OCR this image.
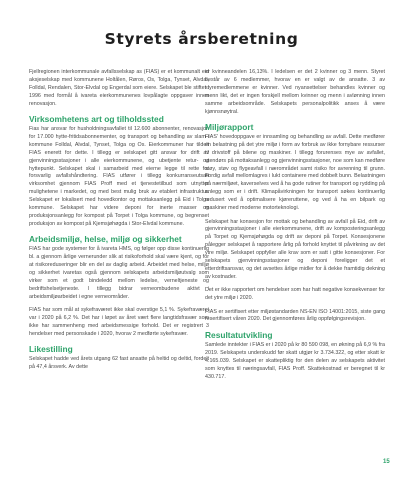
Styrets årsberetning

Fjellregionen interkommunale avfallsselskap as (FIAS) er et kommunalt eid aksjeselskap med kommunene Holtålen, Røros, Os, Tolga, Tynset, Alvdal, Folldal, Rendalen, Stor-Elvdal og Engerdal som eiere. Selskapet ble stiftet i 1996 med formål å ivareta eierkommunenes lovpålagte oppgaver innen renovasjon.

Virksomhetens art og tilholdssted

Fias har ansvar for husholdningsavfallet til 12.600 abonnenter, renovasjon for 17.000 hytte-fritidsabonnementer, og transport og behandling av slam i kommune Folldal, Alvdal, Tynset, Tolga og Os. Eierkommuner har tildelt FIAS enerett for dette. I tillegg er selskapet gitt ansvar for drift av gjenvinningsstasjoner i alle eierkommunene, og ubetjente retur- og hyttepunkt. Selskapet skal i samarbeid med eierne legge til rette for forsvarlig avfallshåndtering. FIAS utfører i tillegg konkurranseutsatt virksomhet gjennom FIAS Proff med et tjenestetilbud som utnytter mulighetene i markedet, og med best mulig bruk av etablert infrastruktur. Selskapet er lokalisert med hovedkontor og mottaksanlegg på Eid i Tolga kommune. Selskapet har videre deponi for inerte masser og produksjonsanlegg for kompost på Torpet i Tolga kommune, og begrenset produksjon av kompost på Kjemsjøhøgda i Stor-Elvdal kommune.

Arbeidsmiljø, helse, miljø og sikkerhet

FIAS har gode systemer for å ivareta HMS, og følger opp disse kontinuerlig bl. a gjennom årlige vernerunder slik at risikoforhold skal være kjent, og for at risikoreduseringer blir en del av daglig arbeid. Arbeidet med helse, miljø og sikkerhet ivaretas også gjennom selskapets arbeidsmiljøutvalg som virker som et godt bindeledd mellom ledelse, verneltjeneste og bedriftshelsetjeneste. I tillegg bidrar verneombudene aktivt i arbeidsmiljøarbeidet i egne verneområder.

FIAS har som mål at sykefraværet ikke skal overstige 5,1 %. Sykefraværet var i 2020 på 6,2 %. Det har i løpet av året vært flere langtidsfravær som ikke har sammenheng med arbeidsmessige forhold. Det er registrert 3 hendelser med personskade i 2020, hvorav 2 medførte sykefravær.

Likestilling

Selskapet hadde ved årets utgang 62 fast ansatte på heltid og deltid, fordelt på 47,4 årsverk. Av dette

er kvinneandelen 16,13%. I ledelsen er det 2 kvinner og 3 menn. Styret består av 6 medlemmer, hvorav en er valgt av de ansatte. 3 av styremedlemmene er kvinner. Ved nyansettelser behandles kvinner og menn likt, det er ingen forskjell mellom kvinner og menn i avlønning innen samme arbeidsområde. Selskapets personalpolitikk anses å være kjønnsnøytral.

Miljørapport

FIAS' hovedoppgave er innsamling og behandling av avfall. Dette medfører en belastning på det ytre miljø i form av forbruk av ikke fornybare ressurser til drivstoff på bilene og maskiner. I tillegg forurenses mye av avfallet, utendørs på mottaksanlegg og gjenvinningsstasjoner, noe som kan medføre støy, støv og flygeavfall i nærområdet samt risiko for avrenning til grunn. Fordig avfall mellomlagres i lukt containere med dobbelt bunn. Belastningen på nærmiljøet, kaverselves ved å ha gode rutiner for transport og rydding på anlegg som er i drift. Klimapåvirkningen for transport søkes kontinuerlig redusert ved å optimalisere kjøreruttene, og ved å ha en bilpark og maskiner med moderne motorteknologi.

Selskapet har konsesjon for mottak og behandling av avfall på Eid, drift av gjenvinningsstasjoner i alle eierkommunene, drift av komposteringsanlegg på Torpet og Kjemsjøhøgda og drift av deponi på Torpet. Konsesjonene pålegger selskapet å rapportere årlig på forhold knyttet til påvirkning av det ytre miljø. Selskapet oppfyller alle krav som er satt i gitte konsesjoner. For selskapets gjenvinningsstasjoner og deponi foreligger det et etterdriftsansvar, og det avsettes årlige midler for å dekke framtidig dekning av kostnader.

Det er ikke rapportert om hendelser som har hatt negative konsekvenser for det ytre miljø i 2020.

FIAS er sertifisert etter miljøstandarden NS-EN ISO 14001:2015, siste gang resertifisert våren 2020. Det gjennomføres årlig oppfølgingsrevisjon.

Resultatutvikling

Samlede inntekter i FIAS er i 2020 på kr 80 590 098, en økning på 6,9 % fra 2019. Selskapets underskudd før skatt utgjør kr 3.734.322, og etter skatt kr 4.165.039. Selskapet er skattepliktig for den delen av selskapets aktivitet som knyttes til næringsavfall, FIAS Proff. Skattekostnad er beregnet til kr 430.717.

15
